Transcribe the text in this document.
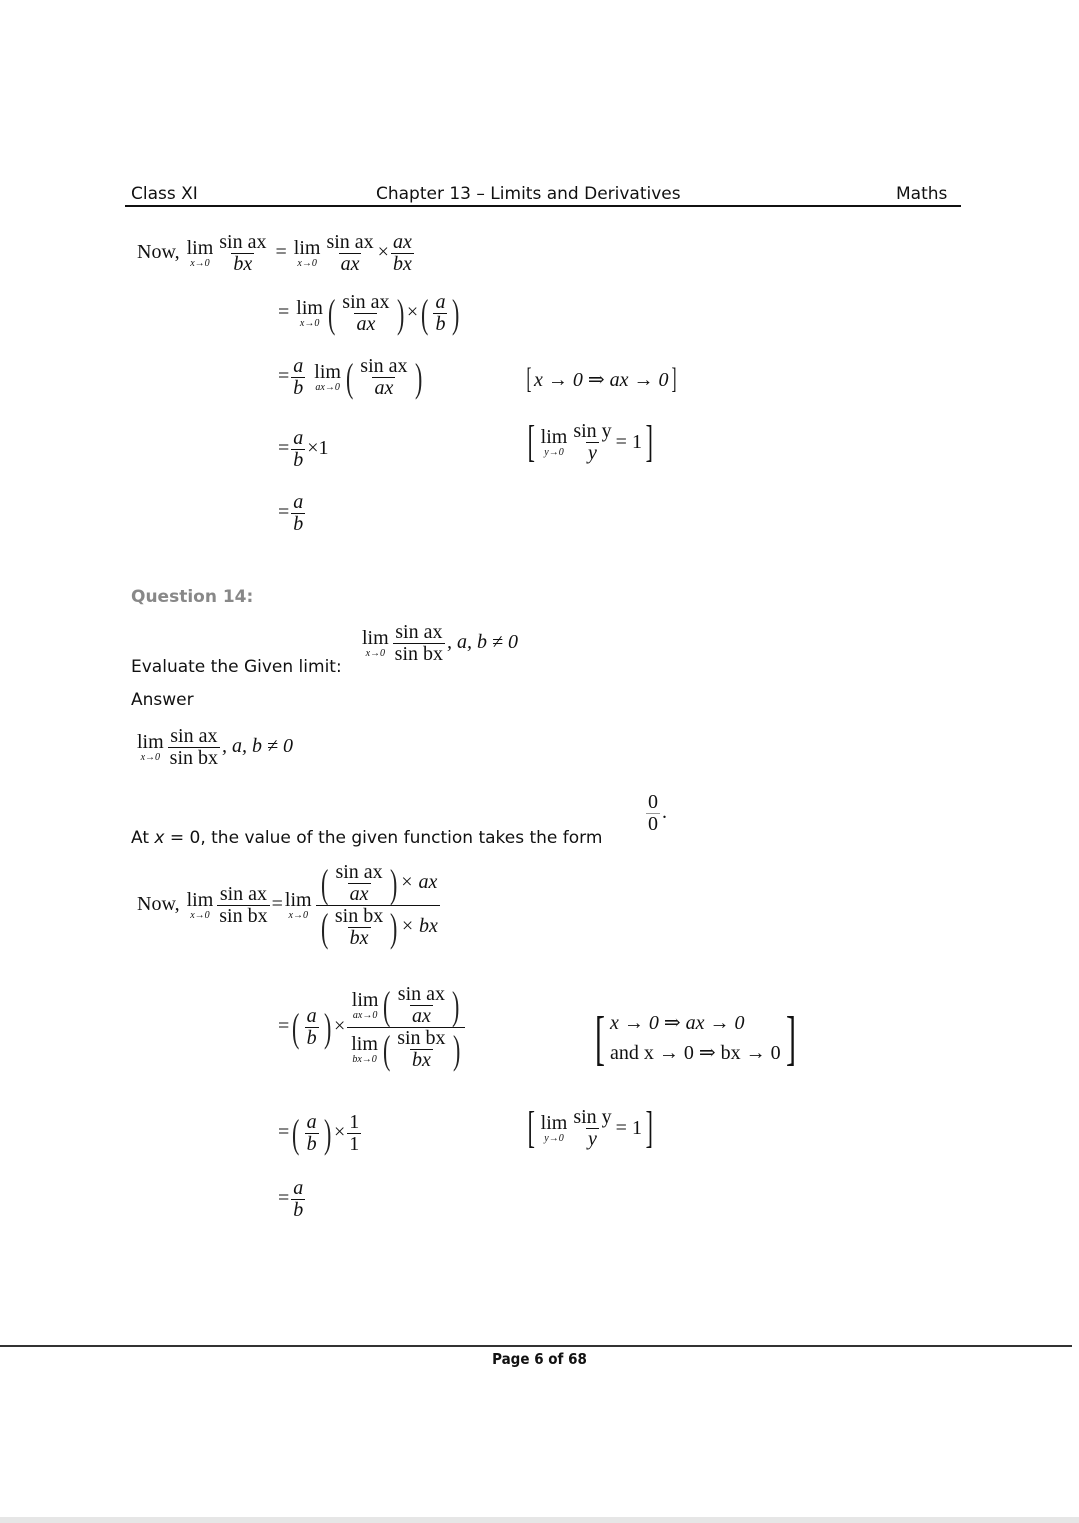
Class XI	Chapter 13 – Limits and Derivatives	Maths
Now, lim
$x\to 0 \frac{\text{sin ax}}{bx} = \lim$
$x\to 0 \frac{\text{sin ax}}{ax} \times \frac{ax}{bx}$
= lim
x→0 ( $\frac{\text{sin ax}}{ax}$ ) × ( $\frac{a}{b}$ )
= $\frac{a}{b}$
lim
ax→0 ( $\frac{\text{sin ax}}{ax}$ )	[ x → 0 ⇒ ax → 0 ]
= $\frac{a}{b} \times 1$	[ lim
$y\to 0 \frac{\text{sin y}}{y} = 1$ ]
= $\frac{a}{b}$
Question 14:
Evaluate the Given limit:
lim
$x\to 0 \frac{\text{sin ax}}{\text{sin bx}}$ , a, b ≠ 0
Answer
lim
$x\to 0 \frac{\text{sin ax}}{\text{sin bx}}$ , a, b ≠ 0
At x = 0, the value of the given function takes the form
$\frac{0}{0}$ .
Now, lim
$x\to 0 \frac{\text{sin ax}}{\text{sin bx}} = \lim$
$x\to 0 \frac{( \frac{\text{sin ax}}{ax} ) \times ax}{( \frac{\text{sin bx}}{bx} ) \times bx}$
= ( $\frac{a}{b}$ ) × lim
ax→0 ( $\frac{\text{sin ax}}{ax}$ )
lim
bx→0 ( $\frac{\text{sin bx}}{bx}$ ) [ x → 0 ⇒ ax → 0
and x → 0 ⇒ bx → 0 ]
= ( $\frac{a}{b}$ ) × $\frac{1}{1}$	[ lim
$y\to 0 \frac{\text{sin y}}{y} = 1$ ]
= $\frac{a}{b}$
Page 6 of 68
